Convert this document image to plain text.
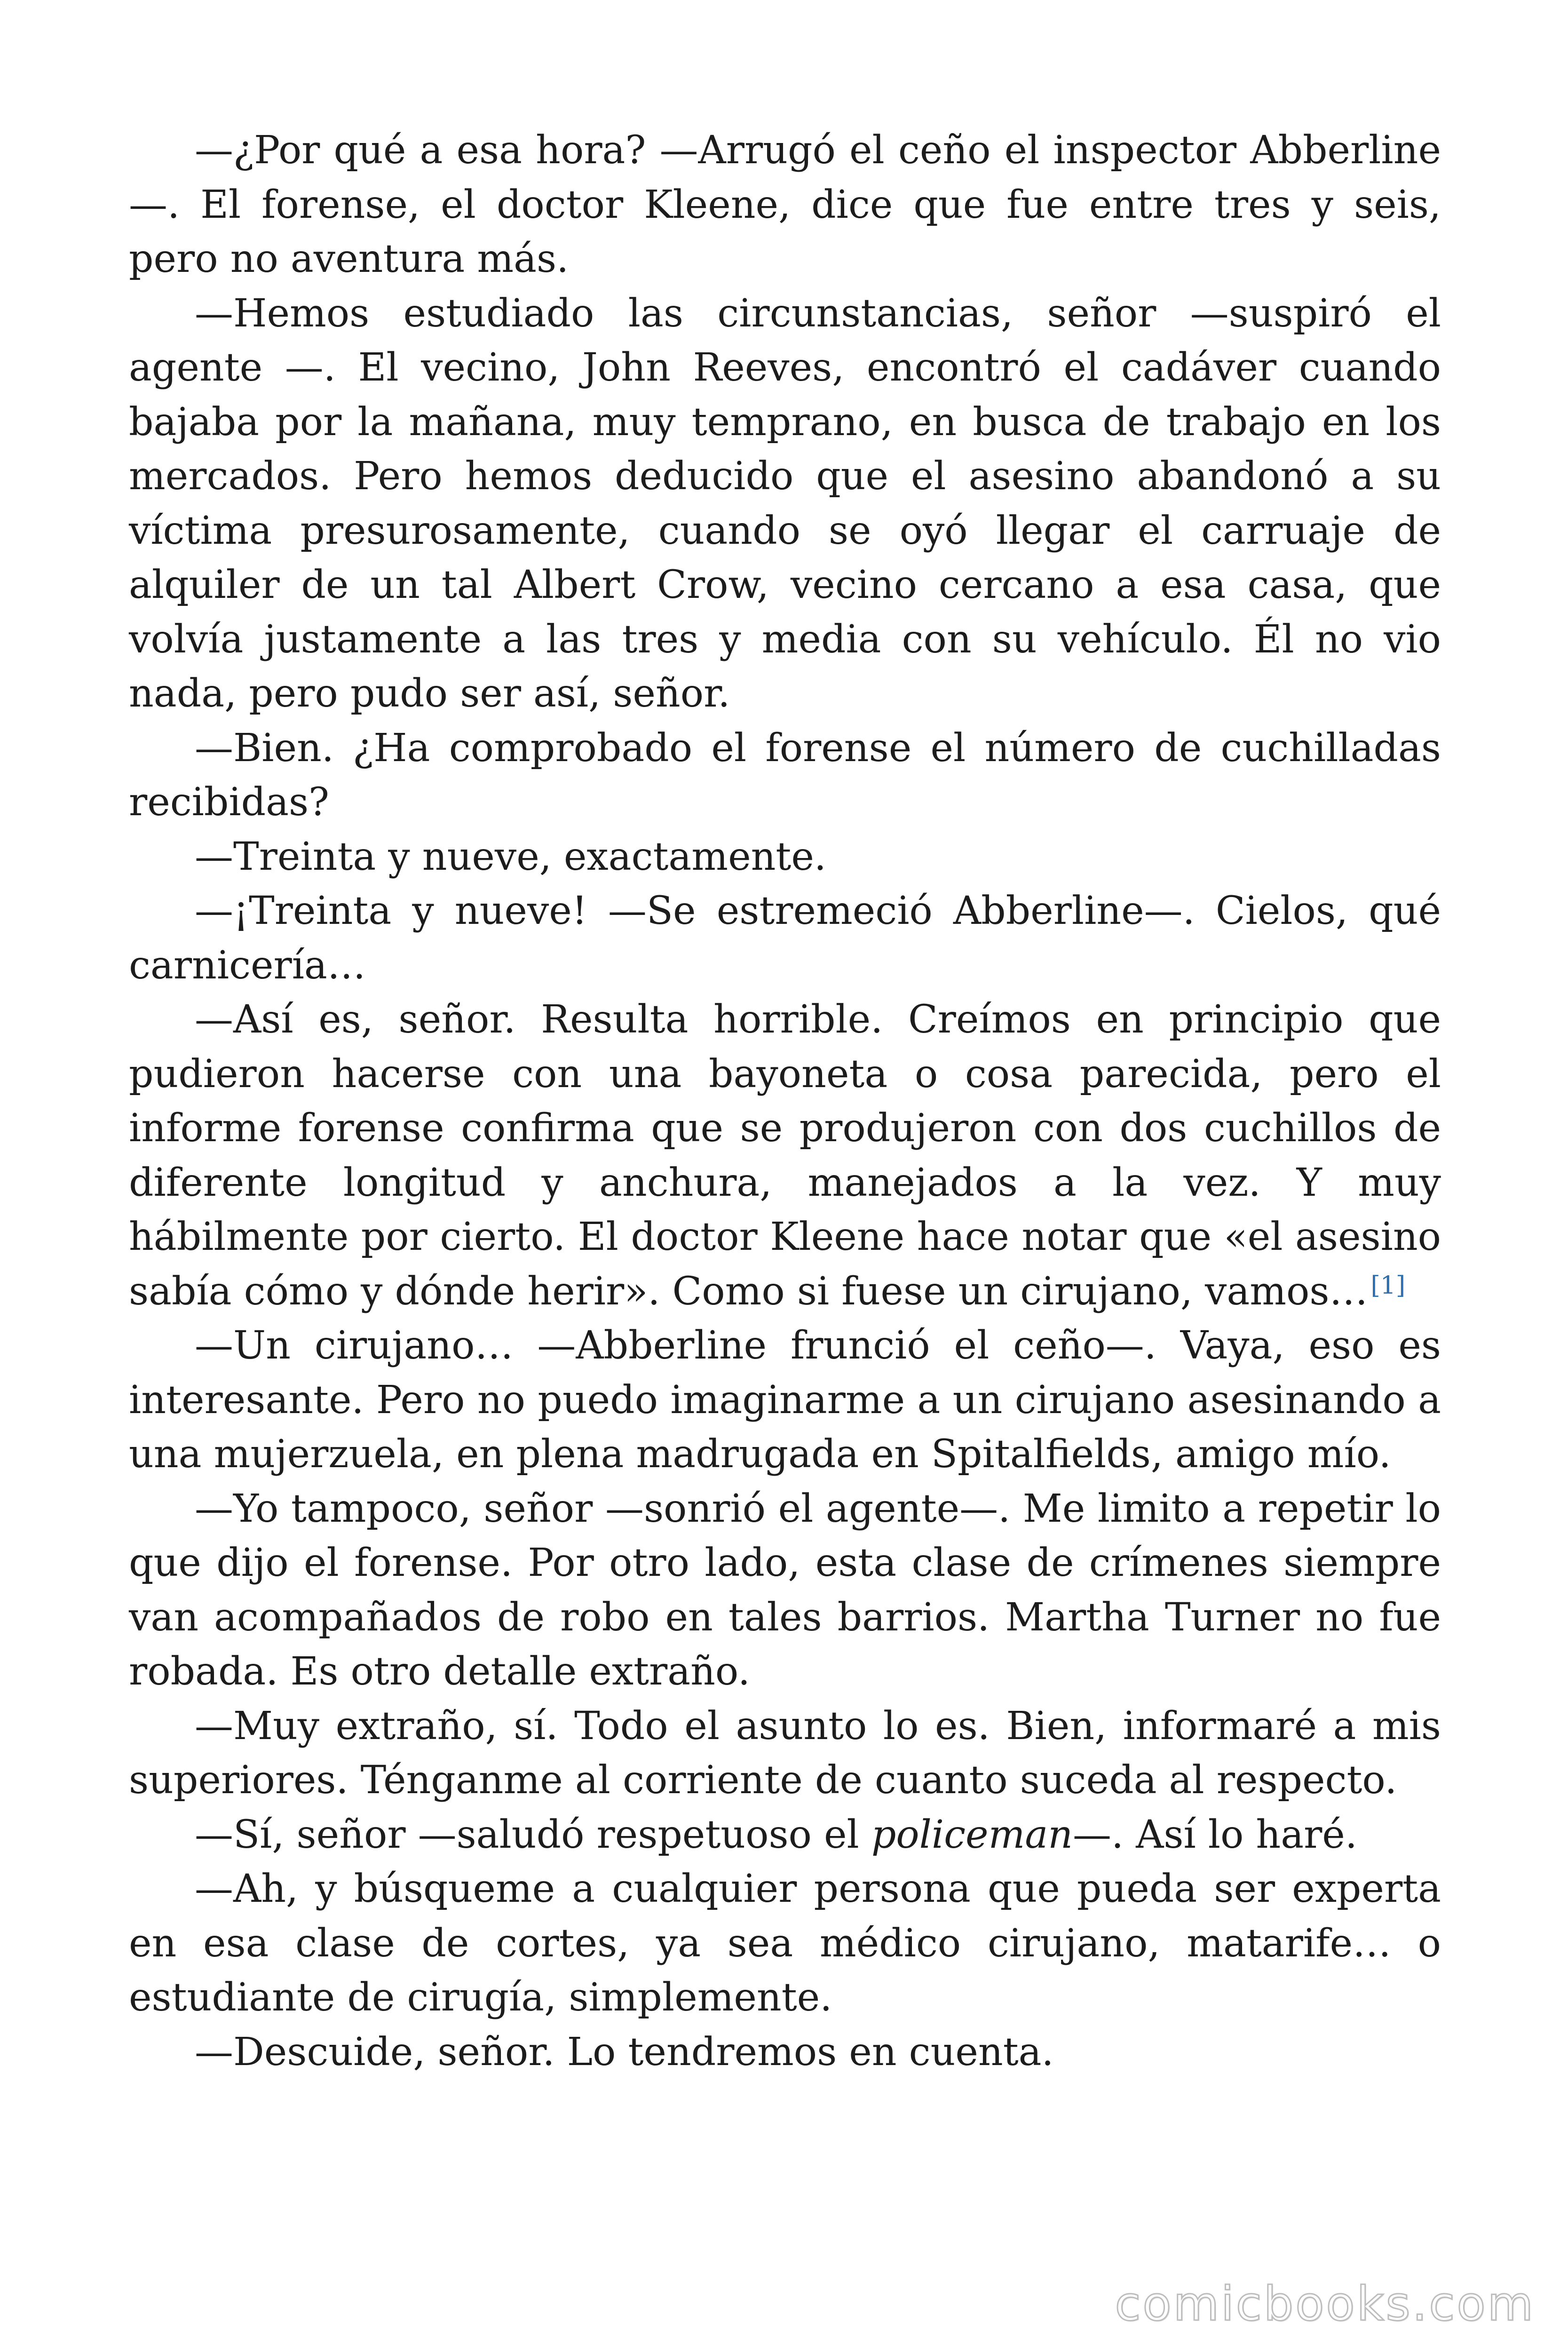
—¿Por qué a esa hora? —Arrugó el ceño el inspector Abberline —. El forense, el doctor Kleene, dice que fue entre tres y seis, pero no aventura más.

—Hemos estudiado las circunstancias, señor —suspiró el agente —. El vecino, John Reeves, encontró el cadáver cuando bajaba por la mañana, muy temprano, en busca de trabajo en los mercados. Pero hemos deducido que el asesino abandonó a su víctima presurosamente, cuando se oyó llegar el carruaje de alquiler de un tal Albert Crow, vecino cercano a esa casa, que volvía justamente a las tres y media con su vehículo. Él no vio nada, pero pudo ser así, señor.

—Bien. ¿Ha comprobado el forense el número de cuchilladas recibidas?

—Treinta y nueve, exactamente.

—¡Treinta y nueve! —Se estremeció Abberline—. Cielos, qué carnicería…

—Así es, señor. Resulta horrible. Creímos en principio que pudieron hacerse con una bayoneta o cosa parecida, pero el informe forense confirma que se produjeron con dos cuchillos de diferente longitud y anchura, manejados a la vez. Y muy hábilmente por cierto. El doctor Kleene hace notar que «el asesino sabía cómo y dónde herir». Como si fuese un cirujano, vamos… [1]

—Un cirujano… —Abberline frunció el ceño—. Vaya, eso es interesante. Pero no puedo imaginarme a un cirujano asesinando a una mujerzuela, en plena madrugada en Spitalfields, amigo mío.

—Yo tampoco, señor —sonrió el agente—. Me limito a repetir lo que dijo el forense. Por otro lado, esta clase de crímenes siempre van acompañados de robo en tales barrios. Martha Turner no fue robada. Es otro detalle extraño.

—Muy extraño, sí. Todo el asunto lo es. Bien, informaré a mis superiores. Ténganme al corriente de cuanto suceda al respecto.

—Sí, señor —saludó respetuoso el policeman—. Así lo haré.

—Ah, y búsqueme a cualquier persona que pueda ser experta en esa clase de cortes, ya sea médico cirujano, matarife… o estudiante de cirugía, simplemente.

—Descuide, señor. Lo tendremos en cuenta.

comicbooks.com
